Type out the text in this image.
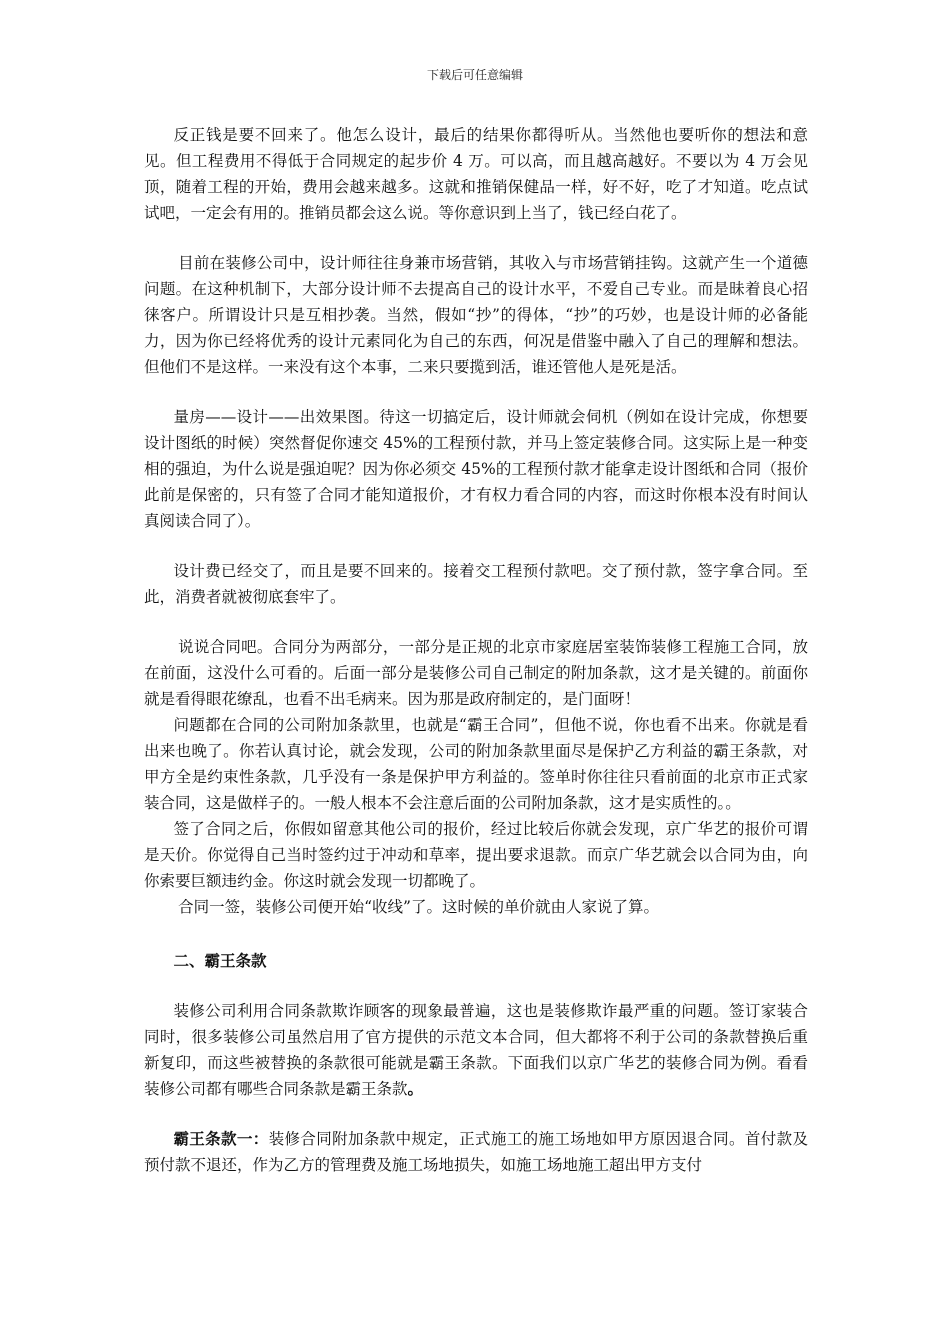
下载后可任意编辑

反正钱是要不回来了。他怎么设计，最后的结果你都得听从。当然他也要听你的想法和意见。但工程费用不得低于合同规定的起步价 4 万。可以高，而且越高越好。不要以为 4 万会见顶，随着工程的开始，费用会越来越多。这就和推销保健品一样，好不好，吃了才知道。吃点试试吧，一定会有用的。推销员都会这么说。等你意识到上当了，钱已经白花了。

目前在装修公司中，设计师往往身兼市场营销，其收入与市场营销挂钩。这就产生一个道德问题。在这种机制下，大部分设计师不去提高自己的设计水平，不爱自己专业。而是昧着良心招徕客户。所谓设计只是互相抄袭。当然，假如“抄”的得体，“抄”的巧妙，也是设计师的必备能力，因为你已经将优秀的设计元素同化为自己的东西，何况是借鉴中融入了自己的理解和想法。 但他们不是这样。一来没有这个本事，二来只要揽到活，谁还管他人是死是活。

量房——设计——出效果图。待这一切搞定后，设计师就会伺机（例如在设计完成，你想要设计图纸的时候）突然督促你速交 45%的工程预付款，并马上签定装修合同。这实际上是一种变相的强迫，为什么说是强迫呢？因为你必须交 45%的工程预付款才能拿走设计图纸和合同（报价此前是保密的，只有签了合同才能知道报价，才有权力看合同的内容，而这时你根本没有时间认真阅读合同了）。

设计费已经交了，而且是要不回来的。接着交工程预付款吧。交了预付款，签字拿合同。至此，消费者就被彻底套牢了。

说说合同吧。合同分为两部分，一部分是正规的北京市家庭居室装饰装修工程施工合同，放在前面，这没什么可看的。后面一部分是装修公司自己制定的附加条款，这才是关键的。前面你就是看得眼花缭乱，也看不出毛病来。因为那是政府制定的，是门面呀！

问题都在合同的公司附加条款里，也就是“霸王合同”，但他不说，你也看不出来。你就是看出来也晚了。你若认真讨论，就会发现，公司的附加条款里面尽是保护乙方利益的霸王条款，对甲方全是约束性条款，几乎没有一条是保护甲方利益的。签单时你往往只看前面的北京市正式家装合同，这是做样子的。一般人根本不会注意后面的公司附加条款，这才是实质性的。。

签了合同之后，你假如留意其他公司的报价，经过比较后你就会发现，京广华艺的报价可谓是天价。你觉得自己当时签约过于冲动和草率，提出要求退款。而京广华艺就会以合同为由，向你索要巨额违约金。你这时就会发现一切都晚了。

合同一签，装修公司便开始“收线”了。这时候的单价就由人家说了算。

二、霸王条款

装修公司利用合同条款欺诈顾客的现象最普遍，这也是装修欺诈最严重的问题。签订家装合同时，很多装修公司虽然启用了官方提供的示范文本合同，但大都将不利于公司的条款替换后重新复印，而这些被替换的条款很可能就是霸王条款。下面我们以京广华艺的装修合同为例。看看装修公司都有哪些合同条款是霸王条款。

霸王条款一：装修合同附加条款中规定，正式施工的施工场地如甲方原因退合同。首付款及预付款不退还，作为乙方的管理费及施工场地损失，如施工场地施工超出甲方支付
